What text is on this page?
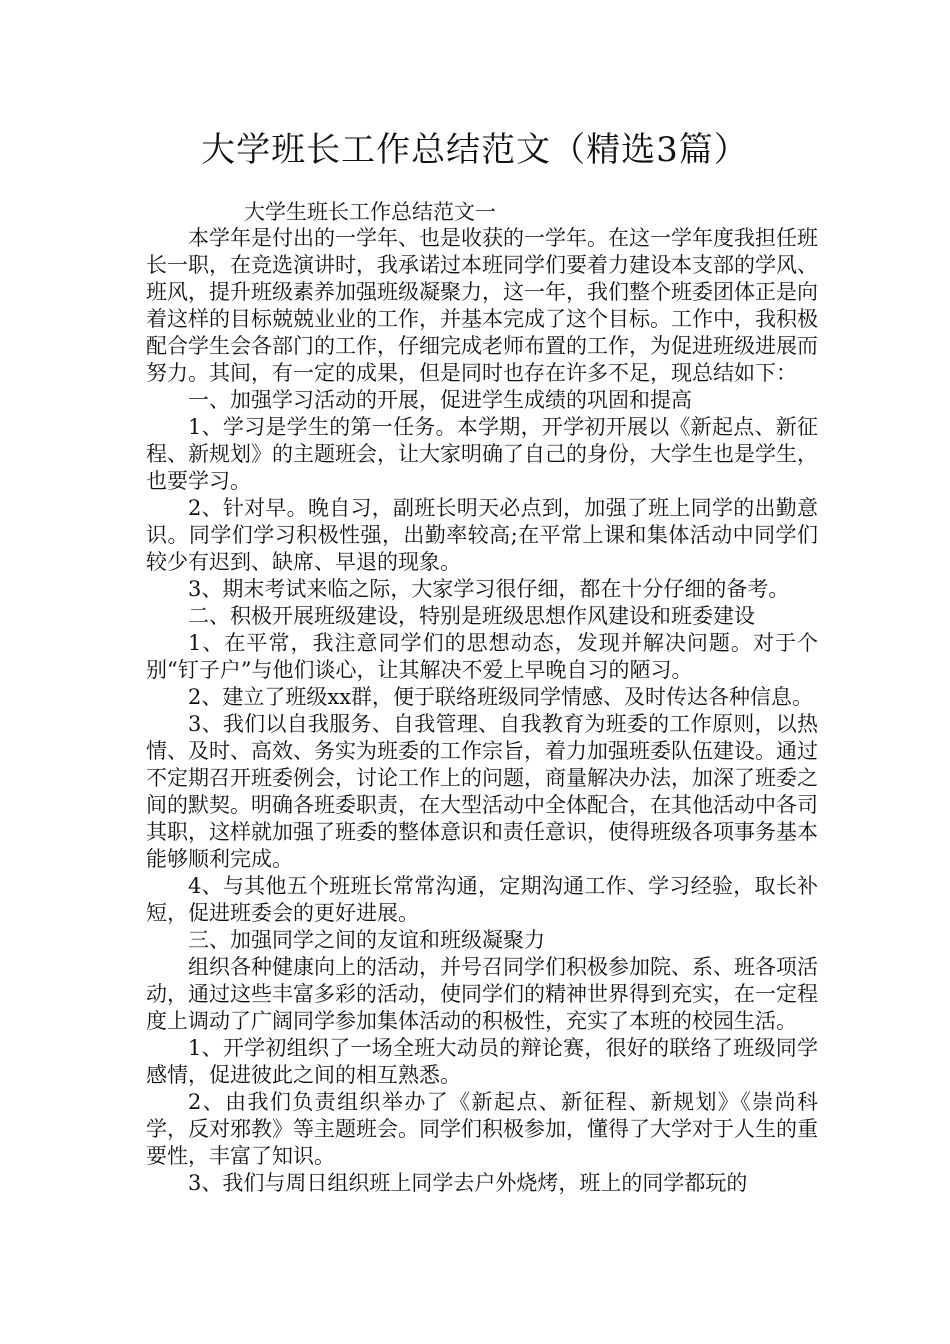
大学班长工作总结范文（精选3篇）
大学生班长工作总结范文一

本学年是付出的一学年、也是收获的一学年。在这一学年度我担任班长一职，在竞选演讲时，我承诺过本班同学们要着力建设本支部的学风、班风，提升班级素养加强班级凝聚力，这一年，我们整个班委团体正是向着这样的目标兢兢业业的工作，并基本完成了这个目标。工作中，我积极配合学生会各部门的工作，仔细完成老师布置的工作，为促进班级进展而努力。其间，有一定的成果，但是同时也存在许多不足，现总结如下：

一、加强学习活动的开展，促进学生成绩的巩固和提高

1、学习是学生的第一任务。本学期，开学初开展以《新起点、新征程、新规划》的主题班会，让大家明确了自己的身份，大学生也是学生，也要学习。

2、针对早。晚自习，副班长明天必点到，加强了班上同学的出勤意识。同学们学习积极性强，出勤率较高;在平常上课和集体活动中同学们较少有迟到、缺席、早退的现象。

3、期末考试来临之际，大家学习很仔细，都在十分仔细的备考。

二、积极开展班级建设，特别是班级思想作风建设和班委建设

1、在平常，我注意同学们的思想动态，发现并解决问题。对于个别“钉子户”与他们谈心，让其解决不爱上早晚自习的陋习。

2、建立了班级xx群，便于联络班级同学情感、及时传达各种信息。

3、我们以自我服务、自我管理、自我教育为班委的工作原则，以热情、及时、高效、务实为班委的工作宗旨，着力加强班委队伍建设。通过不定期召开班委例会，讨论工作上的问题，商量解决办法，加深了班委之间的默契。明确各班委职责，在大型活动中全体配合，在其他活动中各司其职，这样就加强了班委的整体意识和责任意识，使得班级各项事务基本能够顺利完成。

4、与其他五个班班长常常沟通，定期沟通工作、学习经验，取长补短，促进班委会的更好进展。

三、加强同学之间的友谊和班级凝聚力

组织各种健康向上的活动，并号召同学们积极参加院、系、班各项活动，通过这些丰富多彩的活动，使同学们的精神世界得到充实，在一定程度上调动了广阔同学参加集体活动的积极性，充实了本班的校园生活。

1、开学初组织了一场全班大动员的辩论赛，很好的联络了班级同学感情，促进彼此之间的相互熟悉。

2、由我们负责组织举办了《新起点、新征程、新规划》《崇尚科学，反对邪教》等主题班会。同学们积极参加，懂得了大学对于人生的重要性，丰富了知识。

3、我们与周日组织班上同学去户外烧烤，班上的同学都玩的
